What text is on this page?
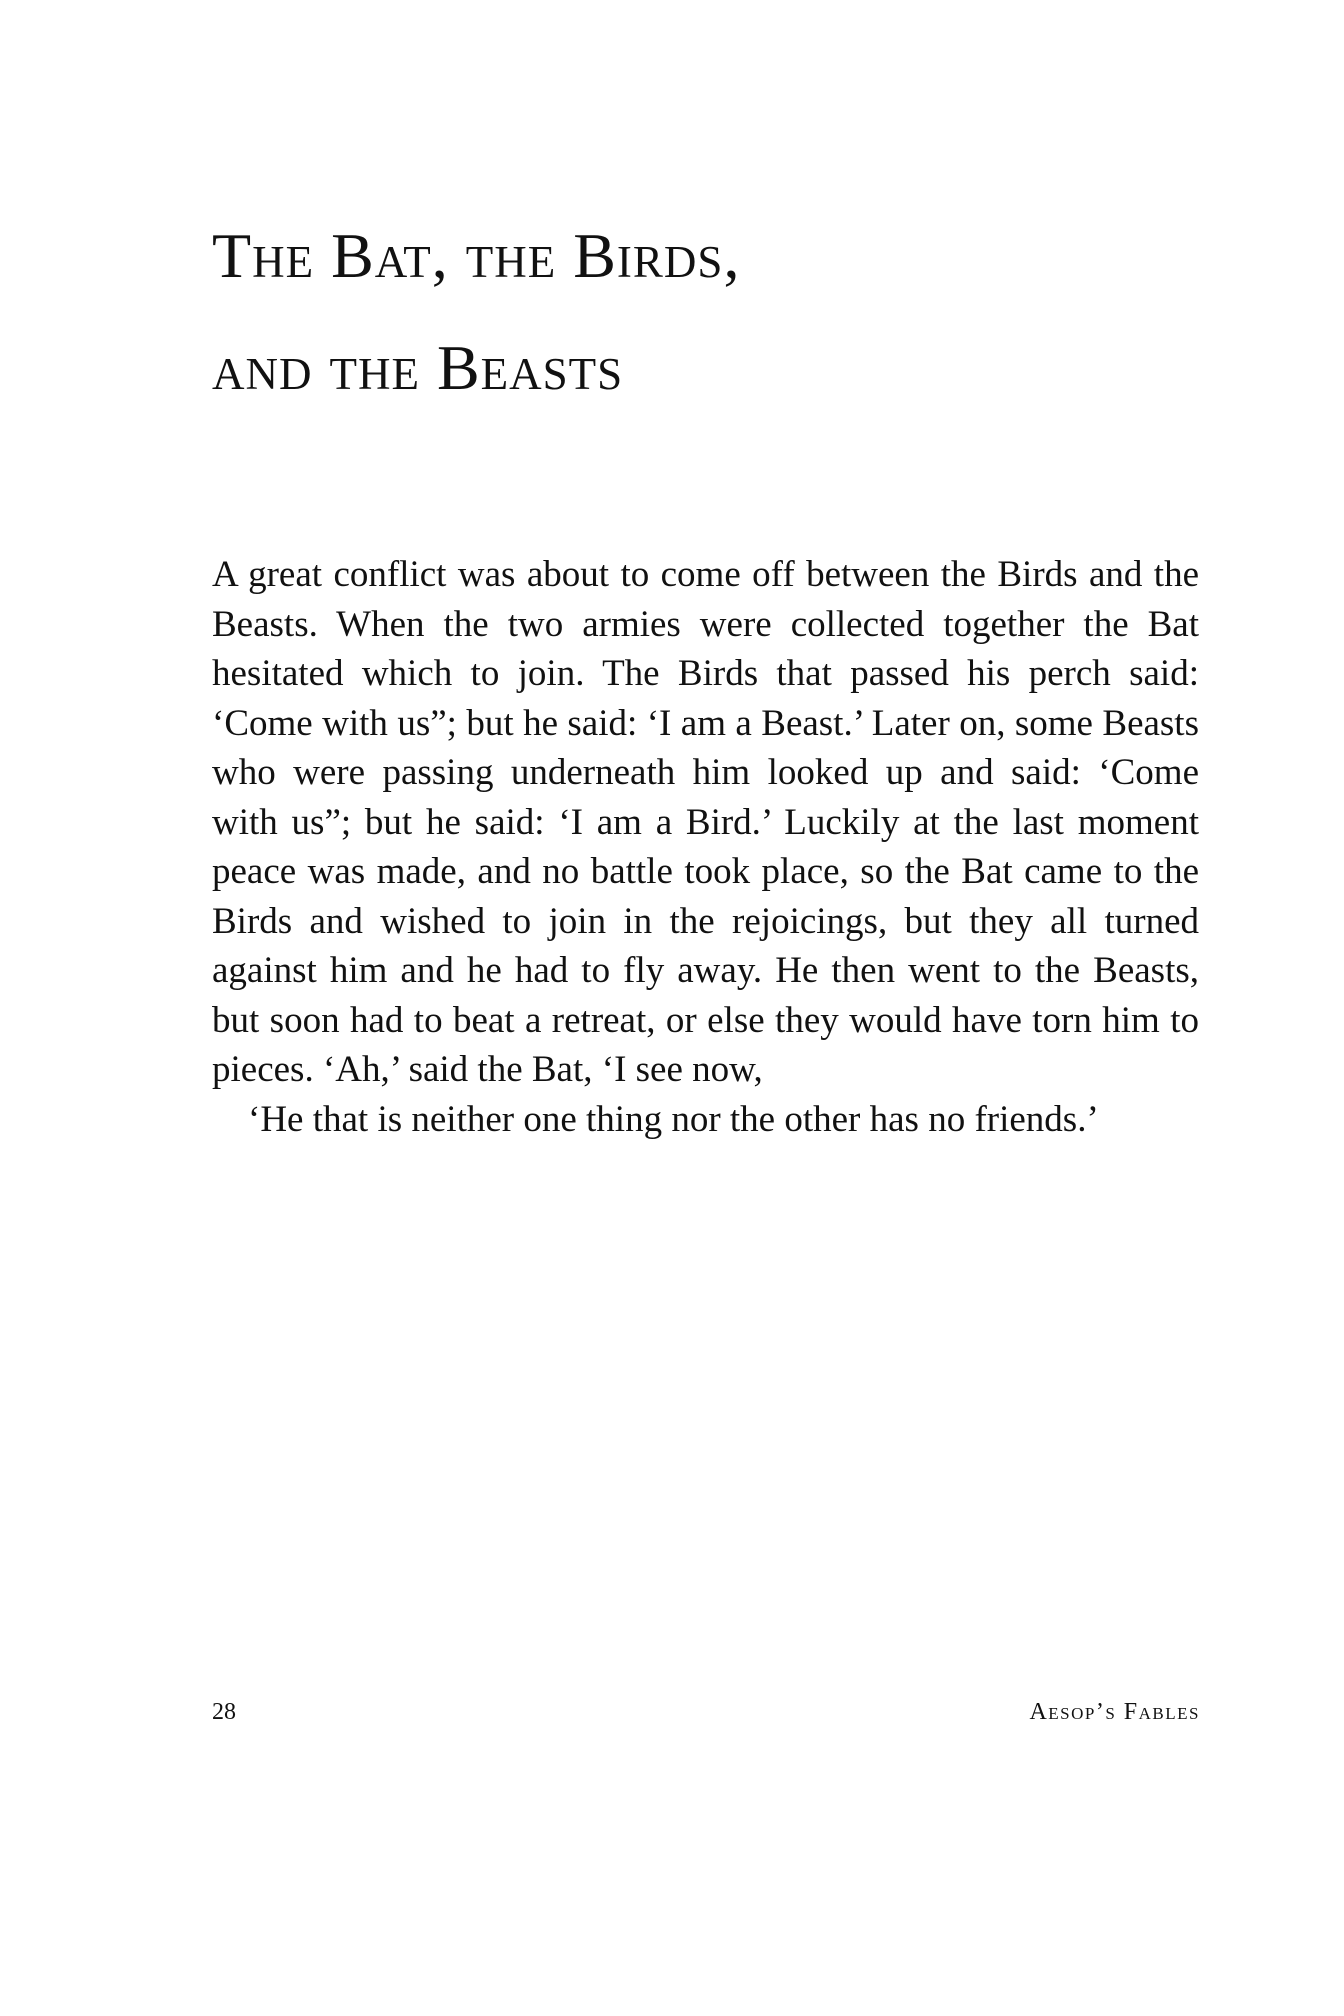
The Bat, the Birds,
and the Beasts

A great conflict was about to come off between the Birds and the Beasts. When the two armies were collected together the Bat hesitated which to join. The Birds that passed his perch said: ‘Come with us”; but he said: ‘I am a Beast.’ Later on, some Beasts who were passing underneath him looked up and said: ‘Come with us”; but he said: ‘I am a Bird.’ Luckily at the last moment peace was made, and no battle took place, so the Bat came to the Birds and wished to join in the rejoicings, but they all turned against him and he had to fly away. He then went to the Beasts, but soon had to beat a retreat, or else they would have torn him to pieces. ‘Ah,’ said the Bat, ‘I see now,

‘He that is neither one thing nor the other has no friends.’

28	Aesop’s Fables
